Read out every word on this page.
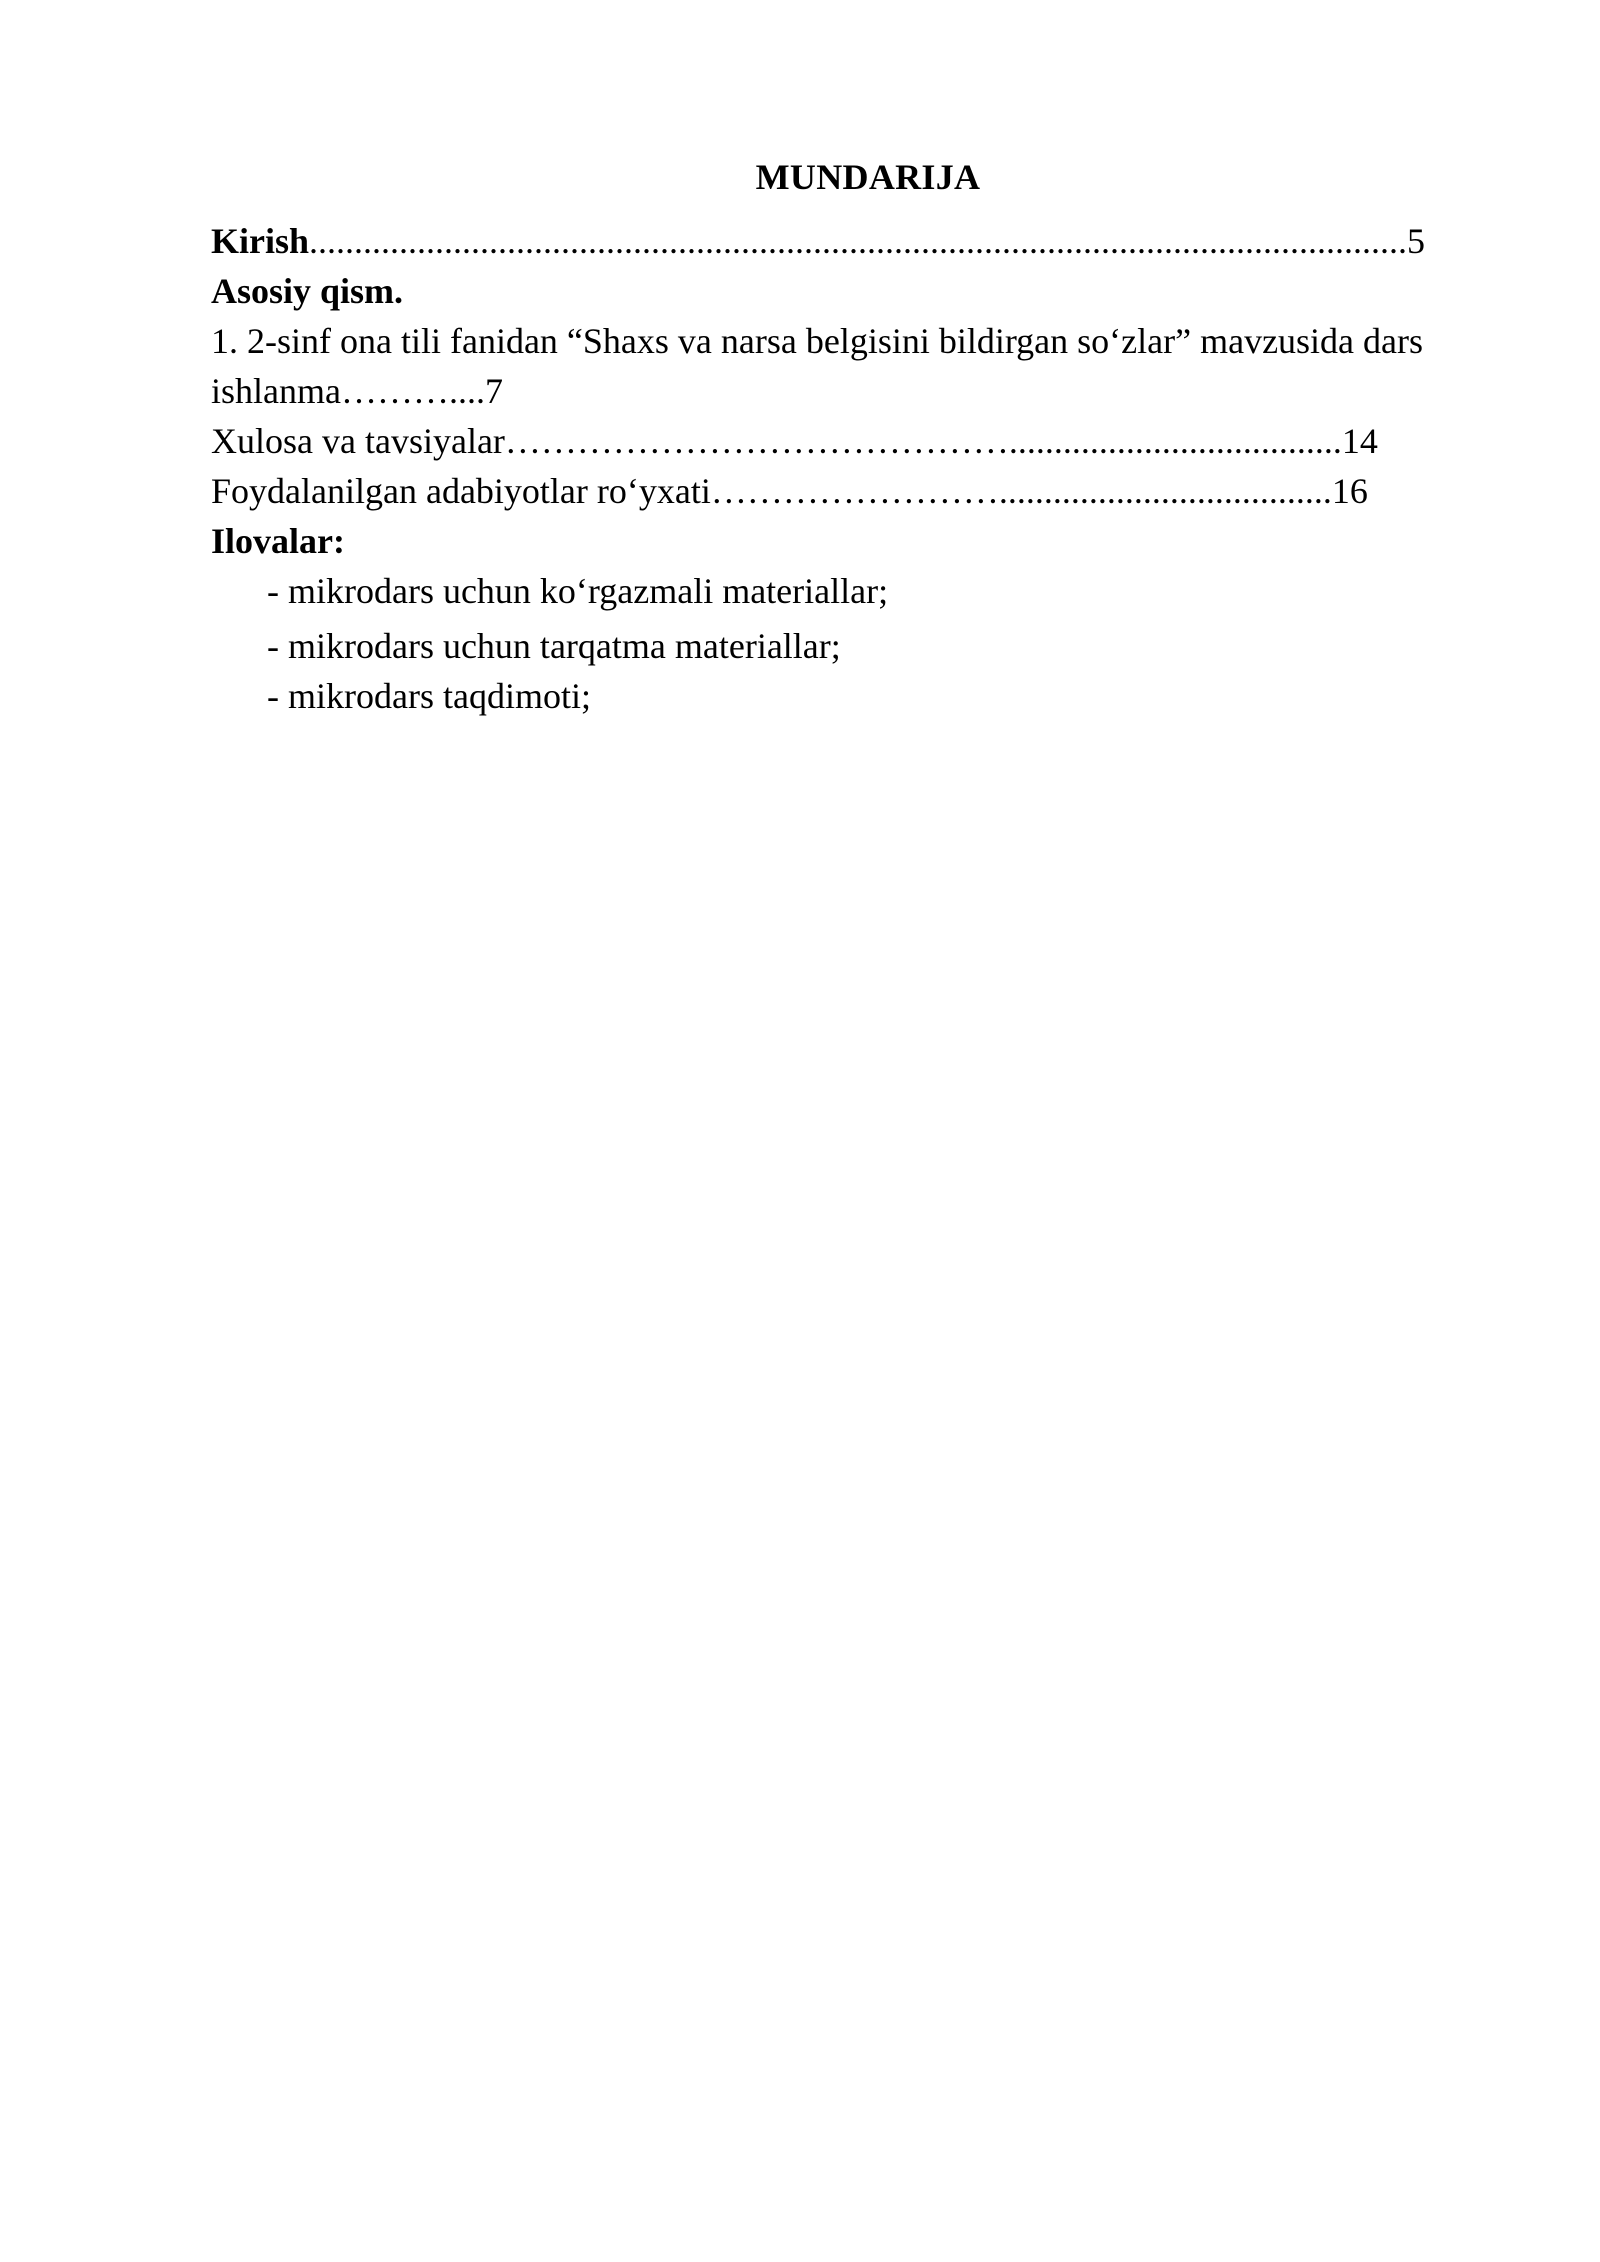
MUNDARIJA
Kirish..........................................................................................................................5
Asosiy qism.
1. 2-sinf ona tili fanidan “Shaxs va narsa belgisini bildirgan so‘zlar” mavzusida dars
ishlanma………....7
Xulosa va tavsiyalar…………………………………….....................................14
Foydalanilgan adabiyotlar ro‘yxati…………………….....................................16
Ilovalar:
- mikrodars uchun ko‘rgazmali materiallar;
- mikrodars uchun tarqatma materiallar;
- mikrodars taqdimoti;
